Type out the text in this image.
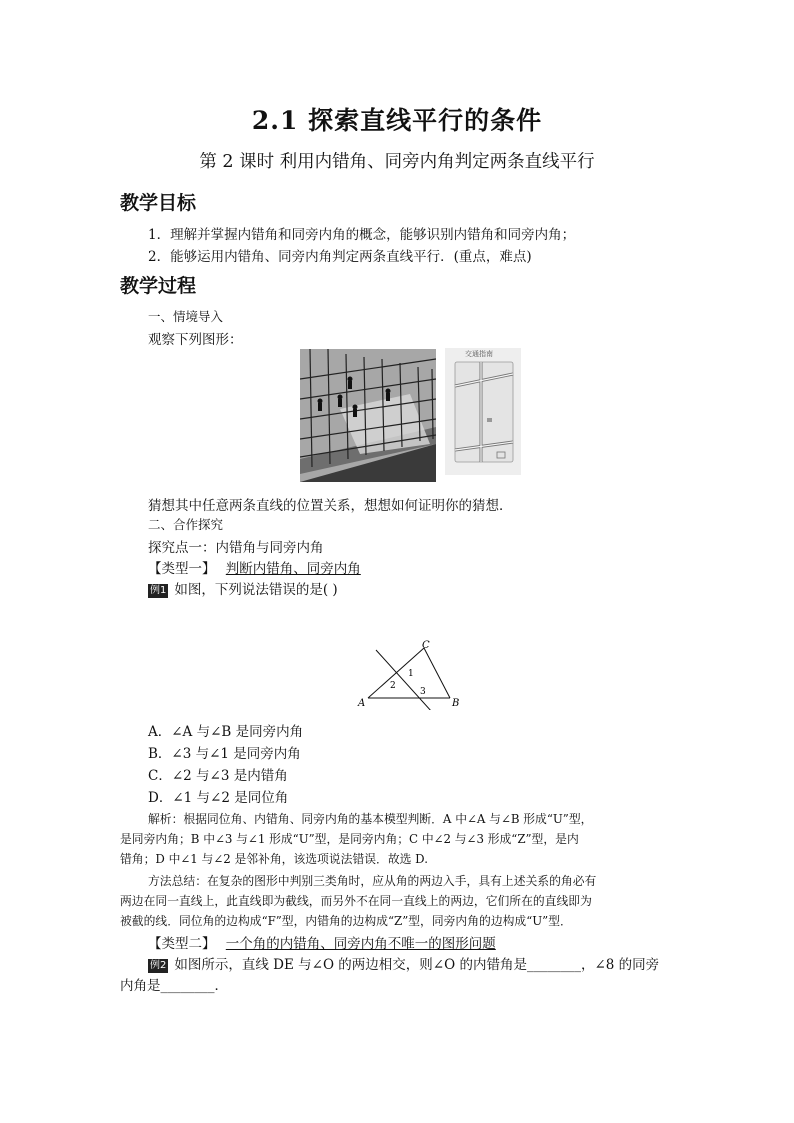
2.1 探索直线平行的条件
第 2 课时 利用内错角、同旁内角判定两条直线平行
教学目标
1．理解并掌握内错角和同旁内角的概念，能够识别内错角和同旁内角；
2．能够运用内错角、同旁内角判定两条直线平行．(重点，难点)
教学过程
一、情境导入
观察下列图形：
交通指南
猜想其中任意两条直线的位置关系，想想如何证明你的猜想．
二、合作探究
探究点一：内错角与同旁内角
【类型一】 判断内错角、同旁内角
例1 如图，下列说法错误的是( )
A	B
C
1
2
3
A．∠A 与∠B 是同旁内角
B．∠3 与∠1 是同旁内角
C．∠2 与∠3 是内错角
D．∠1 与∠2 是同位角
解析：根据同位角、内错角、同旁内角的基本模型判断．A 中∠A 与∠B 形成“U”型，
是同旁内角；B 中∠3 与∠1 形成“U”型，是同旁内角；C 中∠2 与∠3 形成“Z”型，是内
错角；D 中∠1 与∠2 是邻补角，该选项说法错误．故选 D.
方法总结：在复杂的图形中判别三类角时，应从角的两边入手，具有上述关系的角必有
两边在同一直线上，此直线即为截线，而另外不在同一直线上的两边，它们所在的直线即为
被截的线．同位角的边构成“F”型，内错角的边构成“Z”型，同旁内角的边构成“U”型．
【类型二】 一个角的内错角、同旁内角不唯一的图形问题
例2 如图所示，直线 DE 与∠O 的两边相交，则∠O 的内错角是________，∠8 的同旁
内角是________．
